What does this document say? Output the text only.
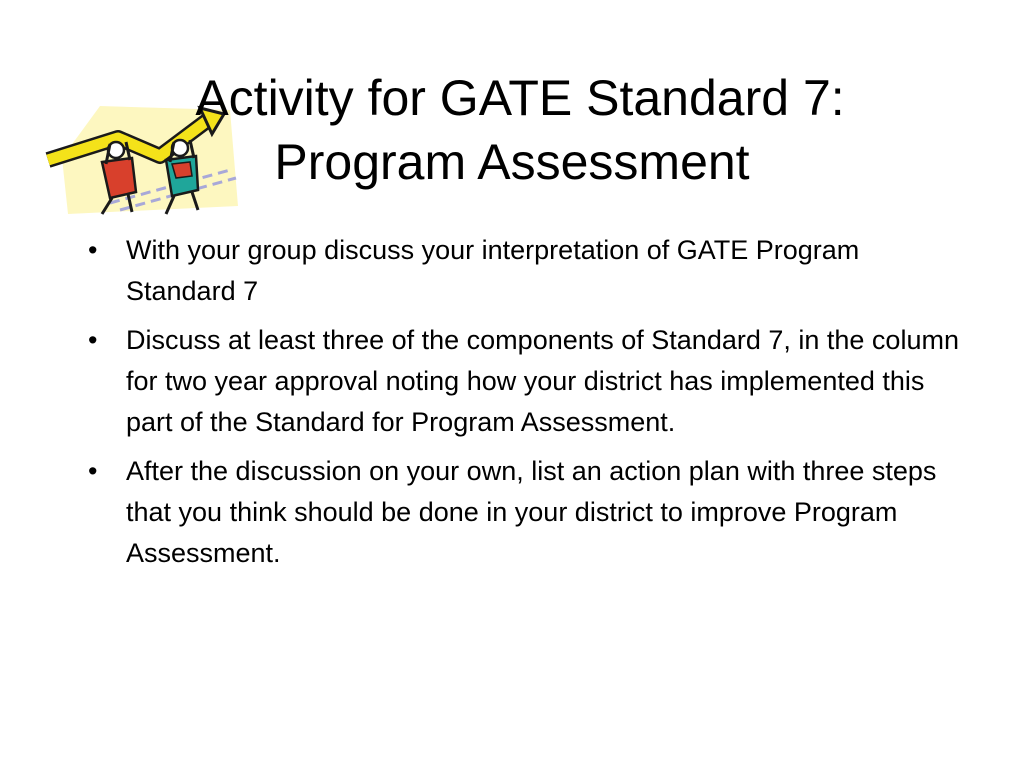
Activity for GATE Standard 7:
Program Assessment
• With your group discuss your interpretation of GATE Program Standard 7
• Discuss at least three of the components of Standard 7, in the column for two year approval noting how your district has implemented this part of the Standard for Program Assessment.
• After the discussion on your own, list an action plan with three steps that you think should be done in your district to improve Program Assessment.
